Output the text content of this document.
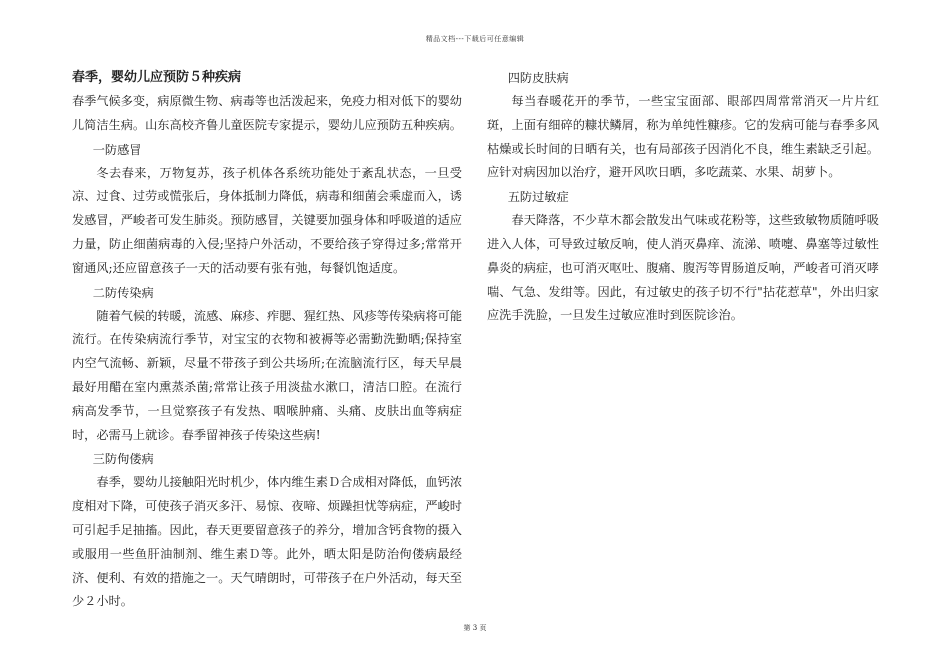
精品文档---下载后可任意编辑

春季，婴幼儿应预防５种疾病

春季气候多变，病原微生物、病毒等也活泼起来，免疫力相对低下的婴幼儿简洁生病。山东高校齐鲁儿童医院专家提示，婴幼儿应预防五种疾病。

一防感冒

冬去春来，万物复苏，孩子机体各系统功能处于紊乱状态，一旦受凉、过食、过劳或慌张后，身体抵制力降低，病毒和细菌会乘虚而入，诱发感冒，严峻者可发生肺炎。预防感冒，关键要加强身体和呼吸道的适应力量，防止细菌病毒的入侵;坚持户外活动，不要给孩子穿得过多;常常开窗通风;还应留意孩子一天的活动要有张有弛，每餐饥饱适度。

二防传染病

随着气候的转暖，流感、麻疹、痄腮、猩红热、风疹等传染病将可能流行。在传染病流行季节，对宝宝的衣物和被褥等必需勤洗勤晒;保持室内空气流畅、新颖，尽量不带孩子到公共场所;在流脑流行区，每天早晨最好用醋在室内熏蒸杀菌;常常让孩子用淡盐水漱口，清洁口腔。在流行病高发季节，一旦觉察孩子有发热、咽喉肿痛、头痛、皮肤出血等病症时，必需马上就诊。春季留神孩子传染这些病!

三防佝偻病

春季，婴幼儿接触阳光时机少，体内维生素Ｄ合成相对降低，血钙浓度相对下降，可使孩子消灭多汗、易惊、夜啼、烦躁担忧等病症，严峻时可引起手足抽搐。因此，春天更要留意孩子的养分，增加含钙食物的摄入或服用一些鱼肝油制剂、维生素Ｄ等。此外，晒太阳是防治佝偻病最经济、便利、有效的措施之一。天气晴朗时，可带孩子在户外活动，每天至少２小时。

四防皮肤病

每当春暖花开的季节，一些宝宝面部、眼部四周常常消灭一片片红斑，上面有细碎的糠状鳞屑，称为单纯性糠疹。它的发病可能与春季多风枯燥或长时间的日晒有关，也有局部孩子因消化不良，维生素缺乏引起。应针对病因加以治疗，避开风吹日晒，多吃蔬菜、水果、胡萝卜。

五防过敏症

春天降落，不少草木都会散发出气味或花粉等，这些致敏物质随呼吸进入人体，可导致过敏反响，使人消灭鼻痒、流涕、喷嚏、鼻塞等过敏性鼻炎的病症，也可消灭呕吐、腹痛、腹泻等胃肠道反响，严峻者可消灭哮喘、气急、发绀等。因此，有过敏史的孩子切不行"拈花惹草"，外出归家应洗手洗脸，一旦发生过敏应准时到医院诊治。

第 3 页
